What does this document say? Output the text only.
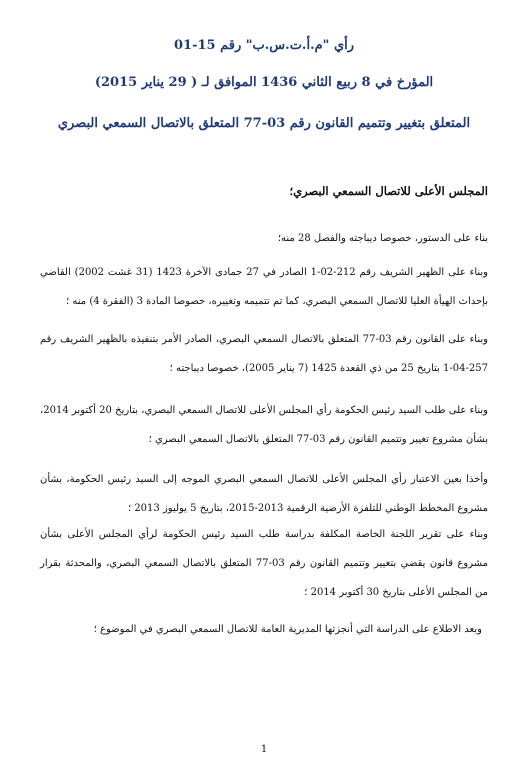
رأي "م.أ.ت.س.ب" رقم 15-01
المؤرخ في 8 ربيع الثاني 1436 الموافق لـ ( 29 يناير 2015)
المتعلق بتغيير وتتميم القانون رقم 03-77 المتعلق بالاتصال السمعي البصري
المجلس الأعلى للاتصال السمعي البصري؛
بناء على الدستور، خصوصا ديباجته والفصل 28 منه؛
وبناء على الظهير الشريف رقم 212-02-1 الصادر في 27 جمادى الآخرة 1423 (31 غشت 2002) القاضي بإحداث الهيأة العليا للاتصال السمعي البصري، كما تم تتميمه وتغييره، خصوصا المادة 3 (الفقرة 4) منه ؛
وبناء على القانون رقم 03-77 المتعلق بالاتصال السمعي البصري، الصادر الأمر بتنفيذه بالظهير الشريف رقم 257-04-1 بتاريخ 25 من ذي القعدة 1425 (7 يناير 2005)، خصوصا ديباجته ؛
وبناء على طلب السيد رئيس الحكومة رأي المجلس الأعلى للاتصال السمعي البصري، بتاريخ 20 أكتوبر 2014، بشأن مشروع تغيير وتتميم القانون رقم 03-77 المتعلق بالاتصال السمعي البصري ؛
وأخذا بعين الاعتبار رأي المجلس الأعلى للاتصال السمعي البصري الموجه إلى السيد رئيس الحكومة، بشأن مشروع المخطط الوطني للتلفزة الأرضية الرقمية 2013-2015، بتاريخ 5 يوليوز 2013 ؛
وبناء على تقرير اللجنة الخاصة المكلفة بدراسة طلب السيد رئيس الحكومة لرأي المجلس الأعلى بشأن مشروع قانون يقضي بتغيير وتتميم القانون رقم 03-77 المتعلق بالاتصال السمعي البصري، والمحدثة بقرار من المجلس الأعلى بتاريخ 30 أكتوبر 2014 ؛
وبعد الاطلاع على الدراسة التي أنجزتها المديرية العامة للاتصال السمعي البصري في الموضوع ؛
1
